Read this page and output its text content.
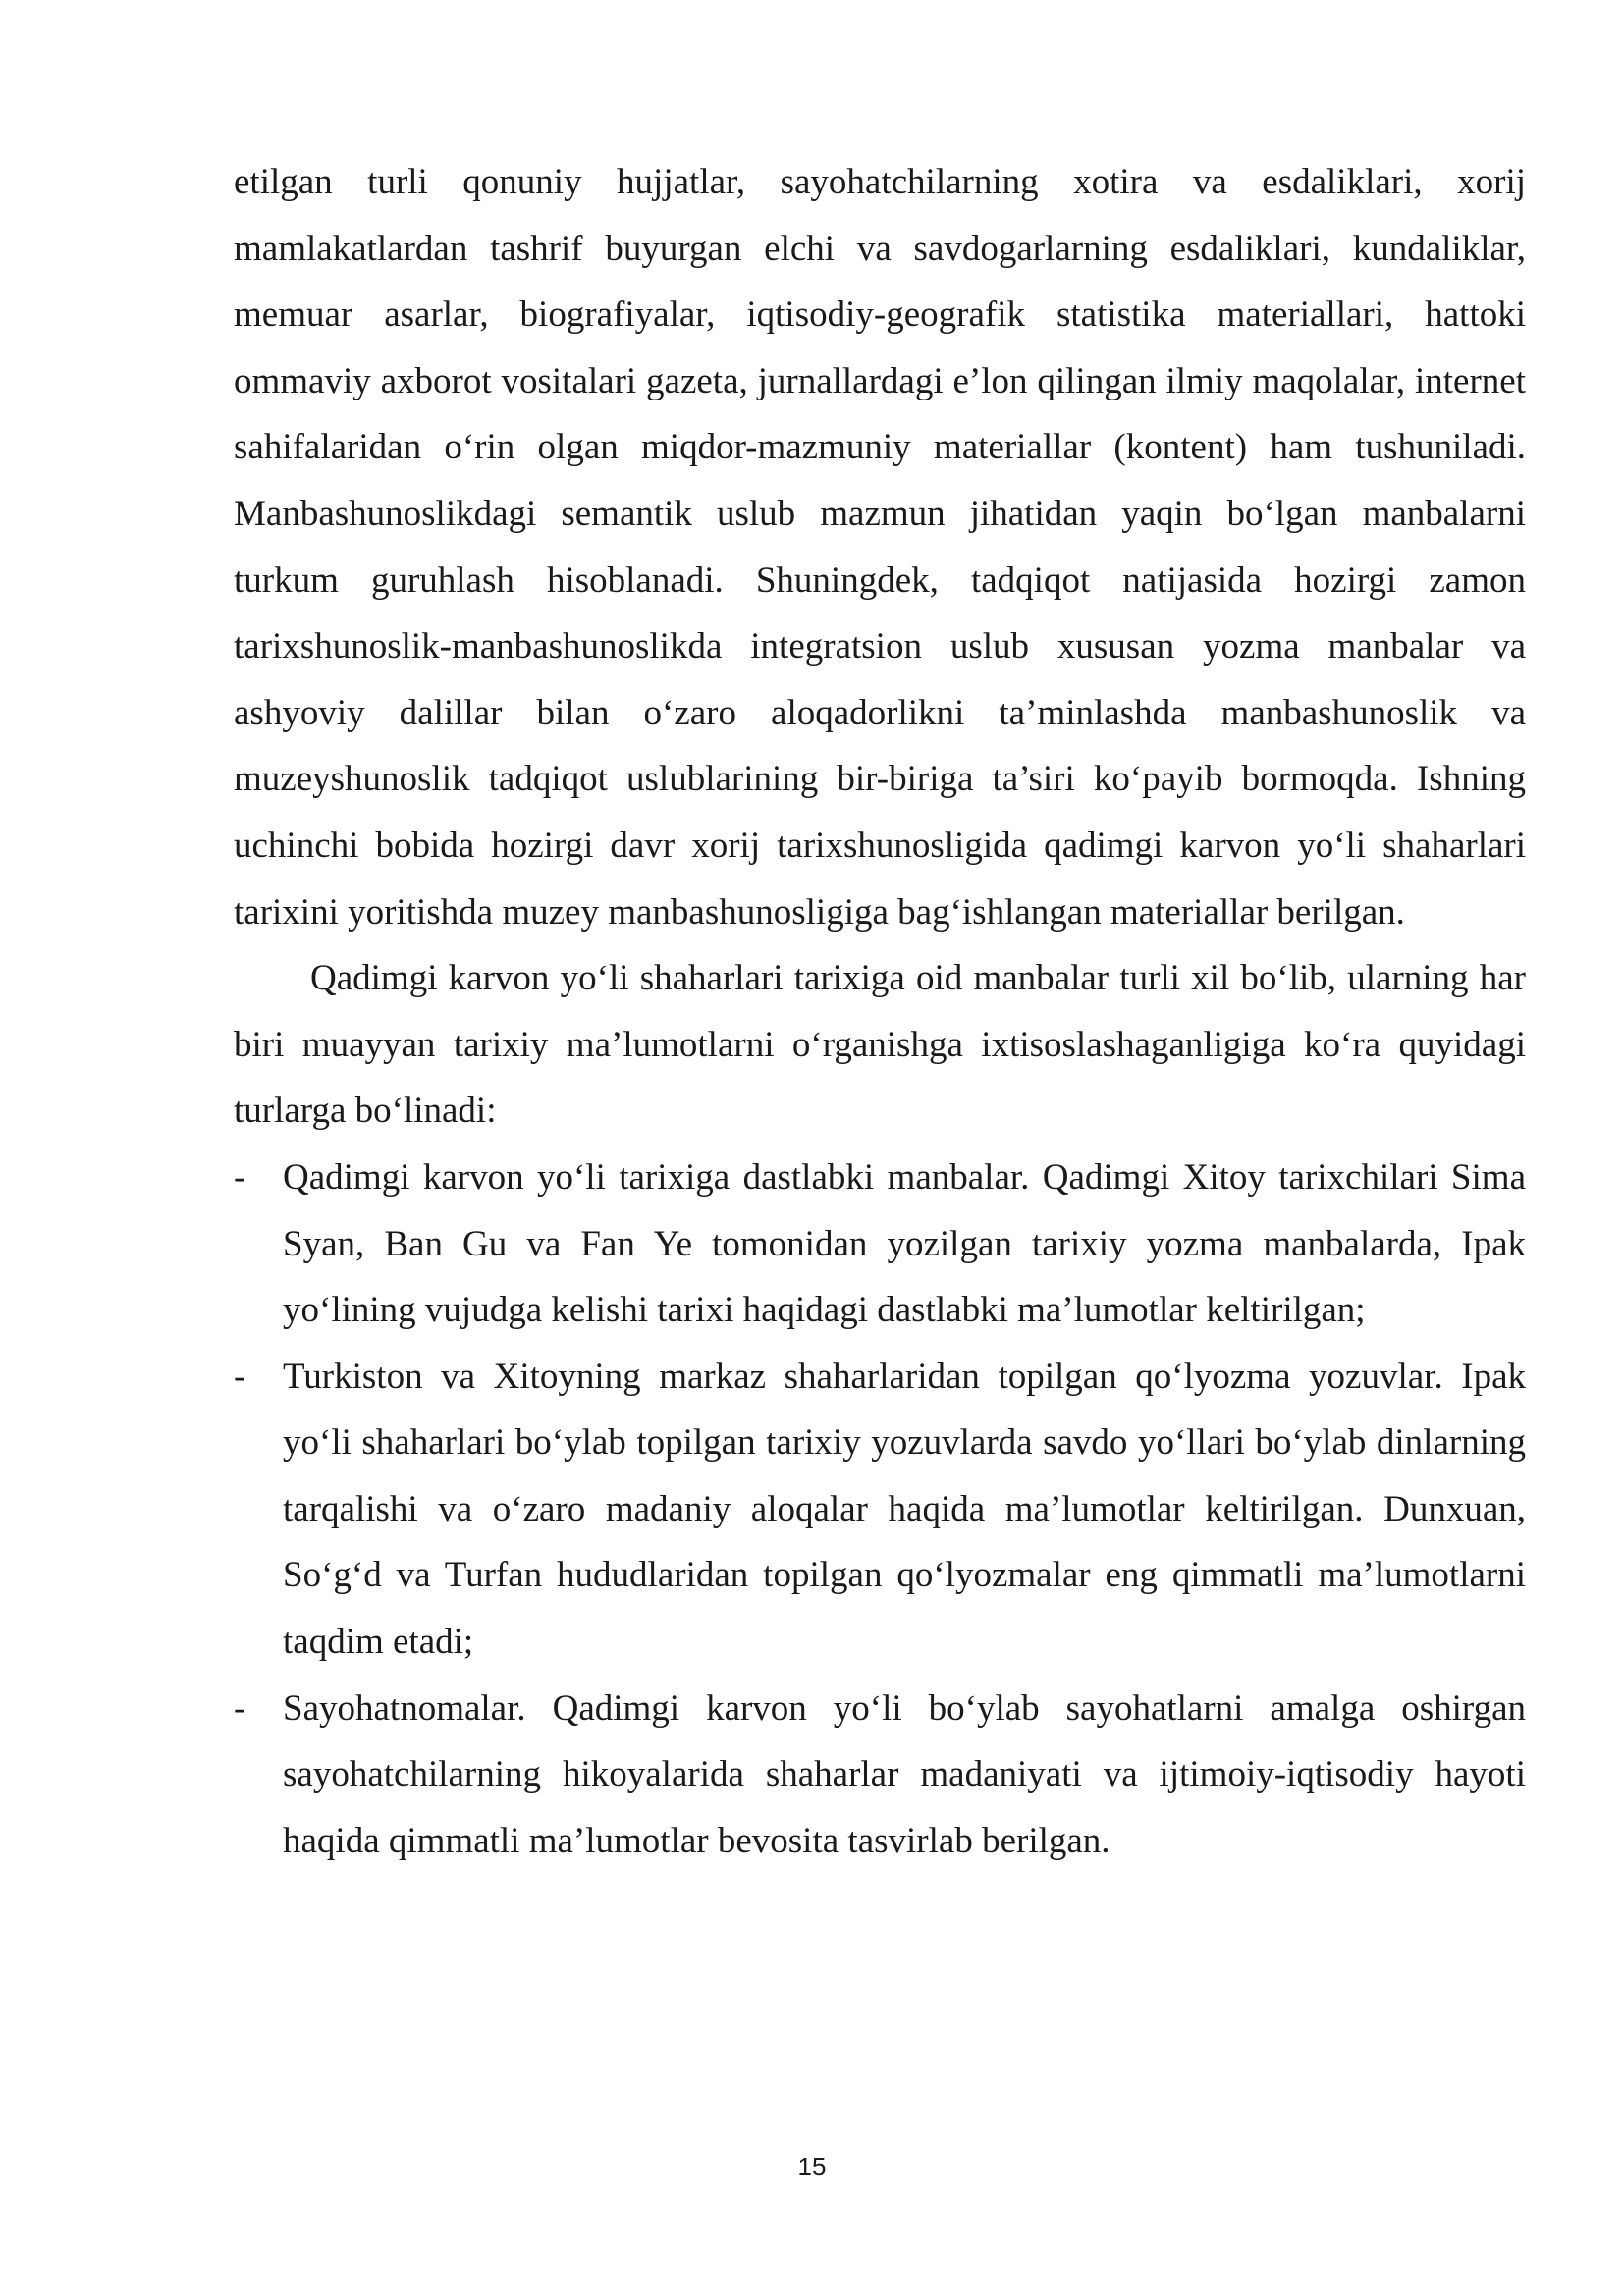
etilgan turli qonuniy hujjatlar, sayohatchilarning xotira va esdaliklari, xorij mamlakatlardan tashrif buyurgan elchi va savdogarlarning esdaliklari, kundaliklar, memuar asarlar, biografiyalar, iqtisodiy-geografik statistika materiallari, hattoki ommaviy axborot vositalari gazeta, jurnallardagi e’lon qilingan ilmiy maqolalar, internet sahifalaridan o‘rin olgan miqdor-mazmuniy materiallar (kontent) ham tushuniladi. Manbashunoslikdagi semantik uslub mazmun jihatidan yaqin bo‘lgan manbalarni turkum guruhlash hisoblanadi. Shuningdek, tadqiqot natijasida hozirgi zamon tarixshunoslik-manbashunoslikda integratsion uslub xususan yozma manbalar va ashyoviy dalillar bilan o‘zaro aloqadorlikni ta’minlashda manbashunoslik va muzeyshunoslik tadqiqot uslublarining bir-biriga ta’siri ko‘payib bormoqda. Ishning uchinchi bobida hozirgi davr xorij tarixshunosligida qadimgi karvon yo‘li shaharlari tarixini yoritishda muzey manbashunosligiga bag‘ishlangan materiallar berilgan.

Qadimgi karvon yo‘li shaharlari tarixiga oid manbalar turli xil bo‘lib, ularning har biri muayyan tarixiy ma’lumotlarni o‘rganishga ixtisoslashaganligiga ko‘ra quyidagi turlarga bo‘linadi:

- Qadimgi karvon yo‘li tarixiga dastlabki manbalar. Qadimgi Xitoy tarixchilari Sima Syan, Ban Gu va Fan Ye tomonidan yozilgan tarixiy yozma manbalarda, Ipak yo‘lining vujudga kelishi tarixi haqidagi dastlabki ma’lumotlar keltirilgan;
- Turkiston va Xitoyning markaz shaharlaridan topilgan qo‘lyozma yozuvlar. Ipak yo‘li shaharlari bo‘ylab topilgan tarixiy yozuvlarda savdo yo‘llari bo‘ylab dinlarning tarqalishi va o‘zaro madaniy aloqalar haqida ma’lumotlar keltirilgan. Dunxuan, So‘g‘d va Turfan hududlaridan topilgan qo‘lyozmalar eng qimmatli ma’lumotlarni taqdim etadi;
- Sayohatnomalar. Qadimgi karvon yo‘li bo‘ylab sayohatlarni amalga oshirgan sayohatchilarning hikoyalarida shaharlar madaniyati va ijtimoiy-iqtisodiy hayoti haqida qimmatli ma’lumotlar bevosita tasvirlab berilgan.
15
